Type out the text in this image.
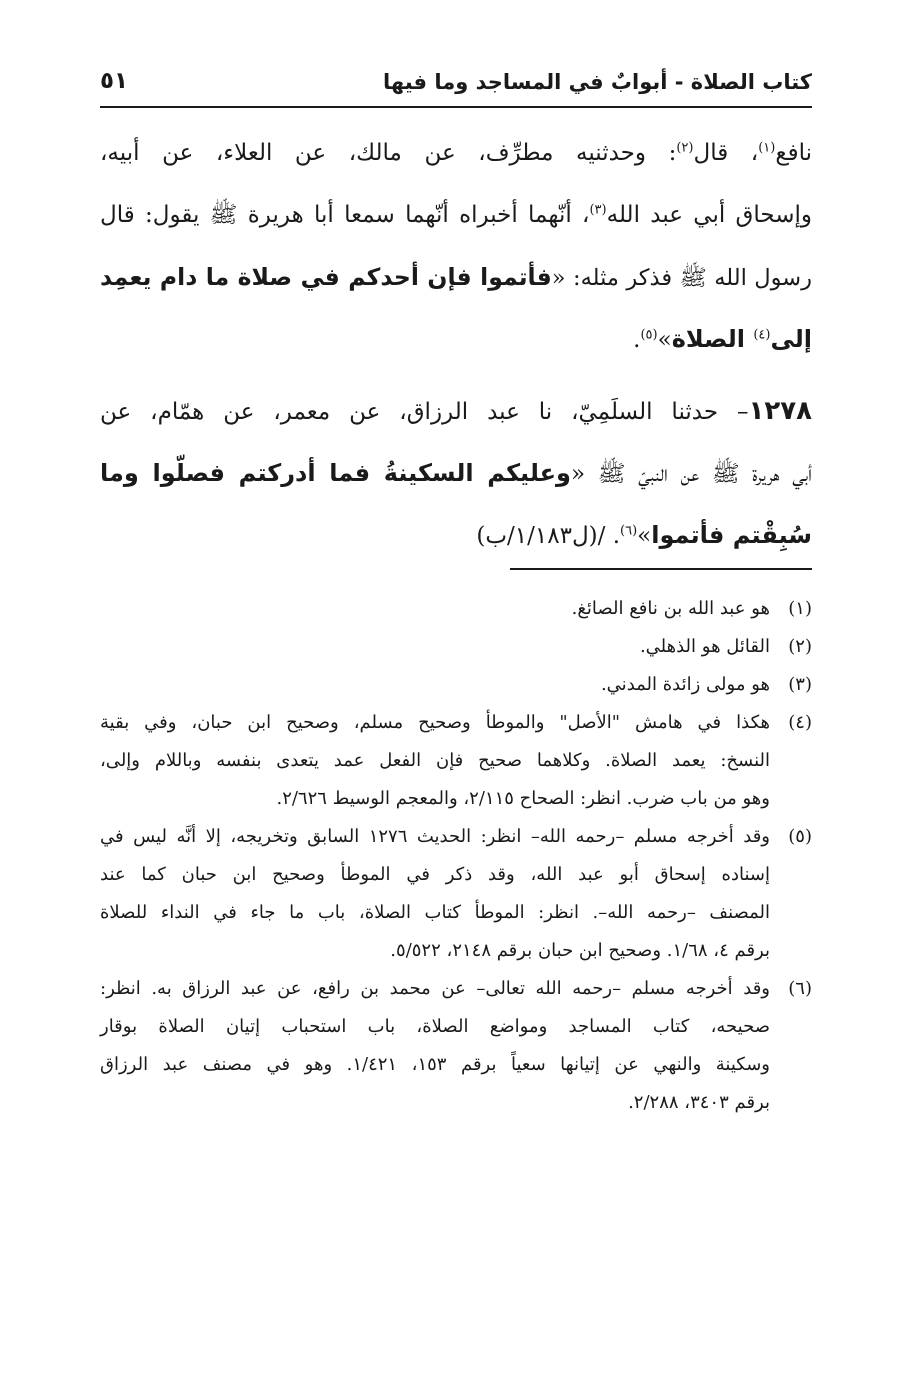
كتاب الصلاة - أبوابٌ في المساجد وما فيها
٥١
نافع$^{(١)}$، قال$^{(٢)}$: وحدثنيه مطرِّف، عن مالك، عن العلاء، عن أبيه،
وإسحاق أبي عبد الله$^{(٣)}$، أنّهما أخبراه أنّهما سمعا أبا هريرة ﷺ يقول: قال
رسول الله ﷺ فذكر مثله: «فأتموا فإن أحدكم في صلاة ما دام يعمِد
إلى$^{(٤)}$ الصلاة»$^{(٥)}$.
١٢٧٨– حدثنا السلَمِيّ، نا عبد الرزاق، عن معمر، عن همّام، عن
أبي هريرة ﷺ عن النبيّ ﷺ «وعليكم السكينةُ فما أدركتم فصلّوا وما
سُبِقْتم فأتموا»$^{(٦)}$. /(ل١/١٨٣/ب)
(١)
هو عبد الله بن نافع الصائغ.
(٢)
القائل هو الذهلي.
(٣)
هو مولى زائدة المدني.
(٤)
هكذا في هامش "الأصل" والموطأ وصحيح مسلم، وصحيح ابن حبان، وفي بقية
النسخ: يعمد الصلاة. وكلاهما صحيح فإن الفعل عمد يتعدى بنفسه وباللام وإلى،
وهو من باب ضرب. انظر: الصحاح ٢/١١٥، والمعجم الوسيط ٢/٦٢٦.
(٥)
وقد أخرجه مسلم –رحمه الله– انظر: الحديث ١٢٧٦ السابق وتخريجه، إلا أنَّه ليس في
إسناده إسحاق أبو عبد الله، وقد ذكر في الموطأ وصحيح ابن حبان كما عند
المصنف –رحمه الله–. انظر: الموطأ كتاب الصلاة، باب ما جاء في النداء للصلاة
برقم ٤، ١/٦٨. وصحيح ابن حبان برقم ٢١٤٨، ٥/٥٢٢.
(٦)
وقد أخرجه مسلم –رحمه الله تعالى– عن محمد بن رافع، عن عبد الرزاق به. انظر:
صحيحه، كتاب المساجد ومواضع الصلاة، باب استحباب إتيان الصلاة بوقار
وسكينة والنهي عن إتيانها سعياً برقم ١٥٣، ١/٤٢١. وهو في مصنف عبد الرزاق
برقم ٣٤٠٣، ٢/٢٨٨.
